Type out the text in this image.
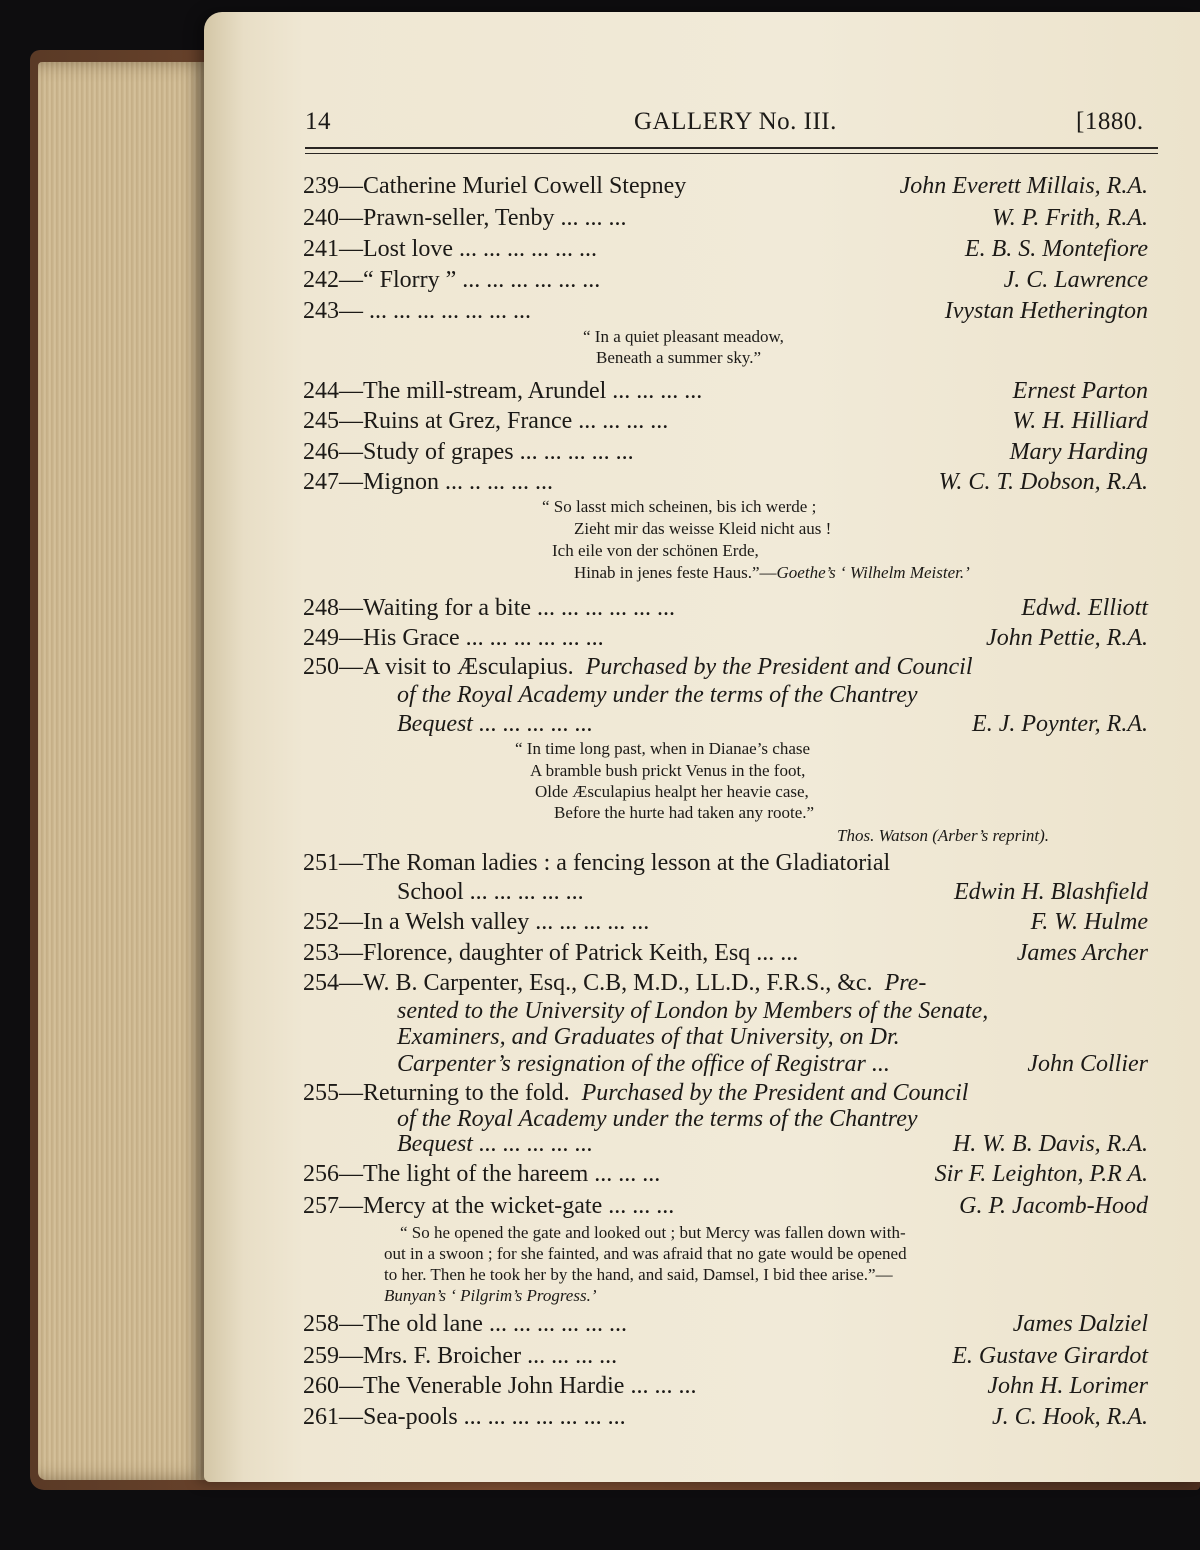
14	GALLERY No. III.	[1880.
239—Catherine Muriel Cowell Stepney	John Everett Millais, R.A.
240—Prawn-seller, Tenby ... ... ...	W. P. Frith, R.A.
241—Lost love ... ... ... ... ... ...	E. B. S. Montefiore
242—“ Florry ” ... ... ... ... ... ...	J. C. Lawrence
243— ... ... ... ... ... ... ...	Ivystan Hetherington
“ In a quiet pleasant meadow,
Beneath a summer sky.”
244—The mill-stream, Arundel ... ... ... ...	Ernest Parton
245—Ruins at Grez, France ... ... ... ...	W. H. Hilliard
246—Study of grapes ... ... ... ... ...	Mary Harding
247—Mignon ... .. ... ... ...	W. C. T. Dobson, R.A.
“ So lasst mich scheinen, bis ich werde ;
Zieht mir das weisse Kleid nicht aus !
Ich eile von der schönen Erde,
Hinab in jenes feste Haus.”—Goethe’s ‘ Wilhelm Meister.’
248—Waiting for a bite ... ... ... ... ... ...	Edwd. Elliott
249—His Grace ... ... ... ... ... ...	John Pettie, R.A.
250—A visit to Æsculapius. Purchased by the President and Council
of the Royal Academy under the terms of the Chantrey
Bequest ... ... ... ... ...	E. J. Poynter, R.A.
“ In time long past, when in Dianae’s chase
A bramble bush prickt Venus in the foot,
Olde Æsculapius healpt her heavie case,
Before the hurte had taken any roote.”
Thos. Watson (Arber’s reprint).
251—The Roman ladies : a fencing lesson at the Gladiatorial
School ... ... ... ... ...	Edwin H. Blashfield
252—In a Welsh valley ... ... ... ... ...	F. W. Hulme
253—Florence, daughter of Patrick Keith, Esq ... ...	James Archer
254—W. B. Carpenter, Esq., C.B, M.D., LL.D., F.R.S., &c. Pre-
sented to the University of London by Members of the Senate,
Examiners, and Graduates of that University, on Dr.
Carpenter’s resignation of the office of Registrar ...	John Collier
255—Returning to the fold. Purchased by the President and Council
of the Royal Academy under the terms of the Chantrey
Bequest ... ... ... ... ...	H. W. B. Davis, R.A.
256—The light of the hareem ... ... ...	Sir F. Leighton, P.R A.
257—Mercy at the wicket-gate ... ... ...	G. P. Jacomb-Hood
“ So he opened the gate and looked out ; but Mercy was fallen down with-
out in a swoon ; for she fainted, and was afraid that no gate would be opened
to her. Then he took her by the hand, and said, Damsel, I bid thee arise.”—
Bunyan’s ‘ Pilgrim’s Progress.’
258—The old lane ... ... ... ... ... ...	James Dalziel
259—Mrs. F. Broicher ... ... ... ...	E. Gustave Girardot
260—The Venerable John Hardie ... ... ...	John H. Lorimer
261—Sea-pools ... ... ... ... ... ... ...	J. C. Hook, R.A.
